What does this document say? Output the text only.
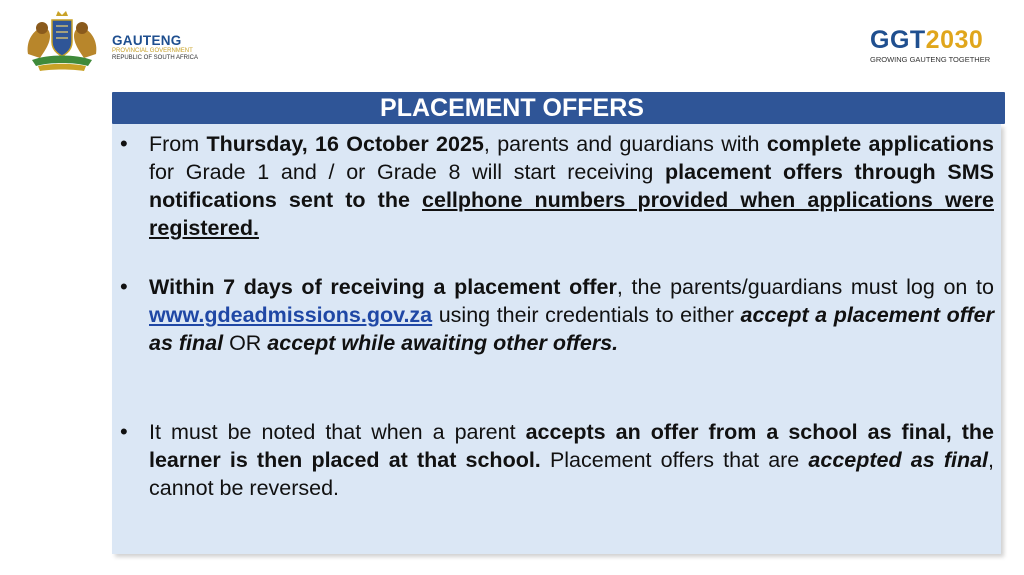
GAUTENG
PROVINCIAL GOVERNMENT
REPUBLIC OF SOUTH AFRICA
GGT2030
GROWING GAUTENG TOGETHER
PLACEMENT OFFERS
• From Thursday, 16 October 2025, parents and guardians with complete applications for Grade 1 and / or Grade 8 will start receiving placement offers through SMS notifications sent to the cellphone numbers provided when applications were registered.
• Within 7 days of receiving a placement offer, the parents/guardians must log on to www.gdeadmissions.gov.za using their credentials to either accept a placement offer as final OR accept while awaiting other offers.
• It must be noted that when a parent accepts an offer from a school as final, the learner is then placed at that school. Placement offers that are accepted as final, cannot be reversed.
